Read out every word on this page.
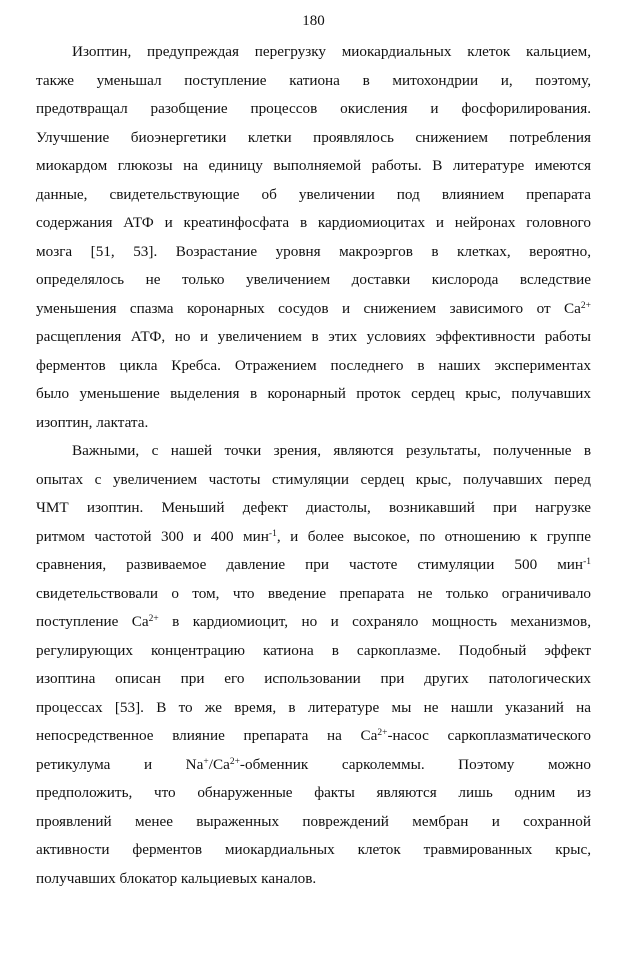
180
Изоптин, предупреждая перегрузку миокардиальных клеток кальцием,
также уменьшал поступление катиона в митохондрии и, поэтому,
предотвращал разобщение процессов окисления и фосфорилирования.
Улучшение биоэнергетики клетки проявлялось снижением потребления
миокардом глюкозы на единицу выполняемой работы. В литературе имеются
данные, свидетельствующие об увеличении под влиянием препарата
содержания АТФ и креатинфосфата в кардиомиоцитах и нейронах головного
мозга [51, 53]. Возрастание уровня макроэргов в клетках, вероятно,
определялось не только увеличением доставки кислорода вследствие
уменьшения спазма коронарных сосудов и снижением зависимого от $Ca^{2+}$
расщепления АТФ, но и увеличением в этих условиях эффективности работы
ферментов цикла Кребса. Отражением последнего в наших экспериментах
было уменьшение выделения в коронарный проток сердец крыс, получавших
изоптин, лактата.
Важными, с нашей точки зрения, являются результаты, полученные в
опытах с увеличением частоты стимуляции сердец крыс, получавших перед
ЧМТ изоптин. Меньший дефект диастолы, возникавший при нагрузке
ритмом частотой 300 и 400 мин$^{-1}$, и более высокое, по отношению к группе
сравнения, развиваемое давление при частоте стимуляции 500 мин$^{-1}$
свидетельствовали о том, что введение препарата не только ограничивало
поступление $Ca^{2+}$ в кардиомиоцит, но и сохраняло мощность механизмов,
регулирующих концентрацию катиона в саркоплазме. Подобный эффект
изоптина описан при его использовании при других патологических
процессах [53]. В то же время, в литературе мы не нашли указаний на
непосредственное влияние препарата на $Ca^{2+}$-насос саркоплазматического
ретикулума и $Na^+/Ca^{2+}$-обменник сарколеммы. Поэтому можно
предположить, что обнаруженные факты являются лишь одним из
проявлений менее выраженных повреждений мембран и сохранной
активности ферментов миокардиальных клеток травмированных крыс,
получавших блокатор кальциевых каналов.
